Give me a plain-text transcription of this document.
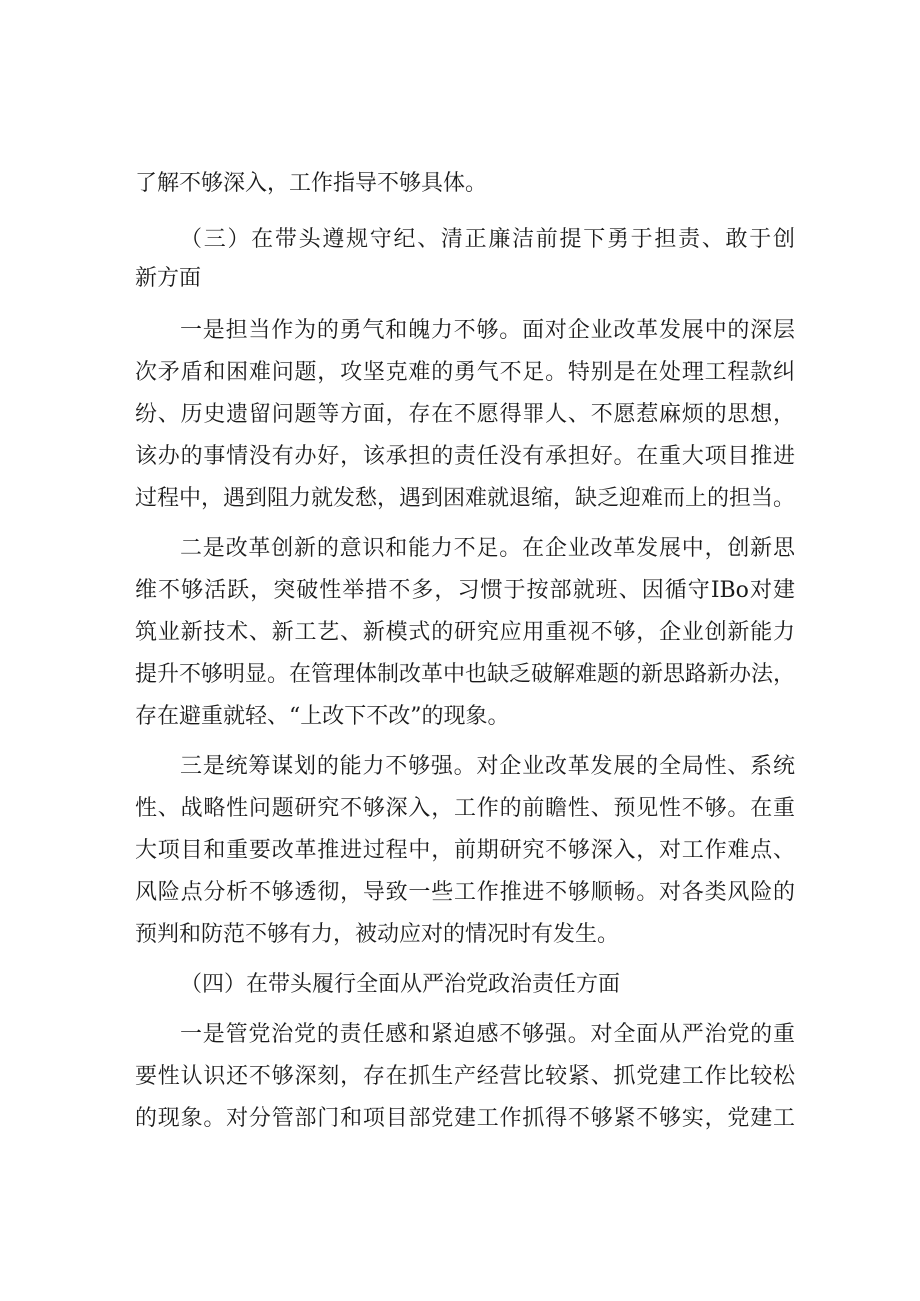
了解不够深入，工作指导不够具体。
（三）在带头遵规守纪、清正廉洁前提下勇于担责、敢于创
新方面
一是担当作为的勇气和魄力不够。面对企业改革发展中的深层
次矛盾和困难问题，攻坚克难的勇气不足。特别是在处理工程款纠
纷、历史遗留问题等方面，存在不愿得罪人、不愿惹麻烦的思想，
该办的事情没有办好，该承担的责任没有承担好。在重大项目推进
过程中，遇到阻力就发愁，遇到困难就退缩，缺乏迎难而上的担当。
二是改革创新的意识和能力不足。在企业改革发展中，创新思
维不够活跃，突破性举措不多，习惯于按部就班、因循守IBo对建
筑业新技术、新工艺、新模式的研究应用重视不够，企业创新能力
提升不够明显。在管理体制改革中也缺乏破解难题的新思路新办法，
存在避重就轻、“上改下不改”的现象。
三是统筹谋划的能力不够强。对企业改革发展的全局性、系统
性、战略性问题研究不够深入，工作的前瞻性、预见性不够。在重
大项目和重要改革推进过程中，前期研究不够深入，对工作难点、
风险点分析不够透彻，导致一些工作推进不够顺畅。对各类风险的
预判和防范不够有力，被动应对的情况时有发生。
（四）在带头履行全面从严治党政治责任方面
一是管党治党的责任感和紧迫感不够强。对全面从严治党的重
要性认识还不够深刻，存在抓生产经营比较紧、抓党建工作比较松
的现象。对分管部门和项目部党建工作抓得不够紧不够实，党建工
